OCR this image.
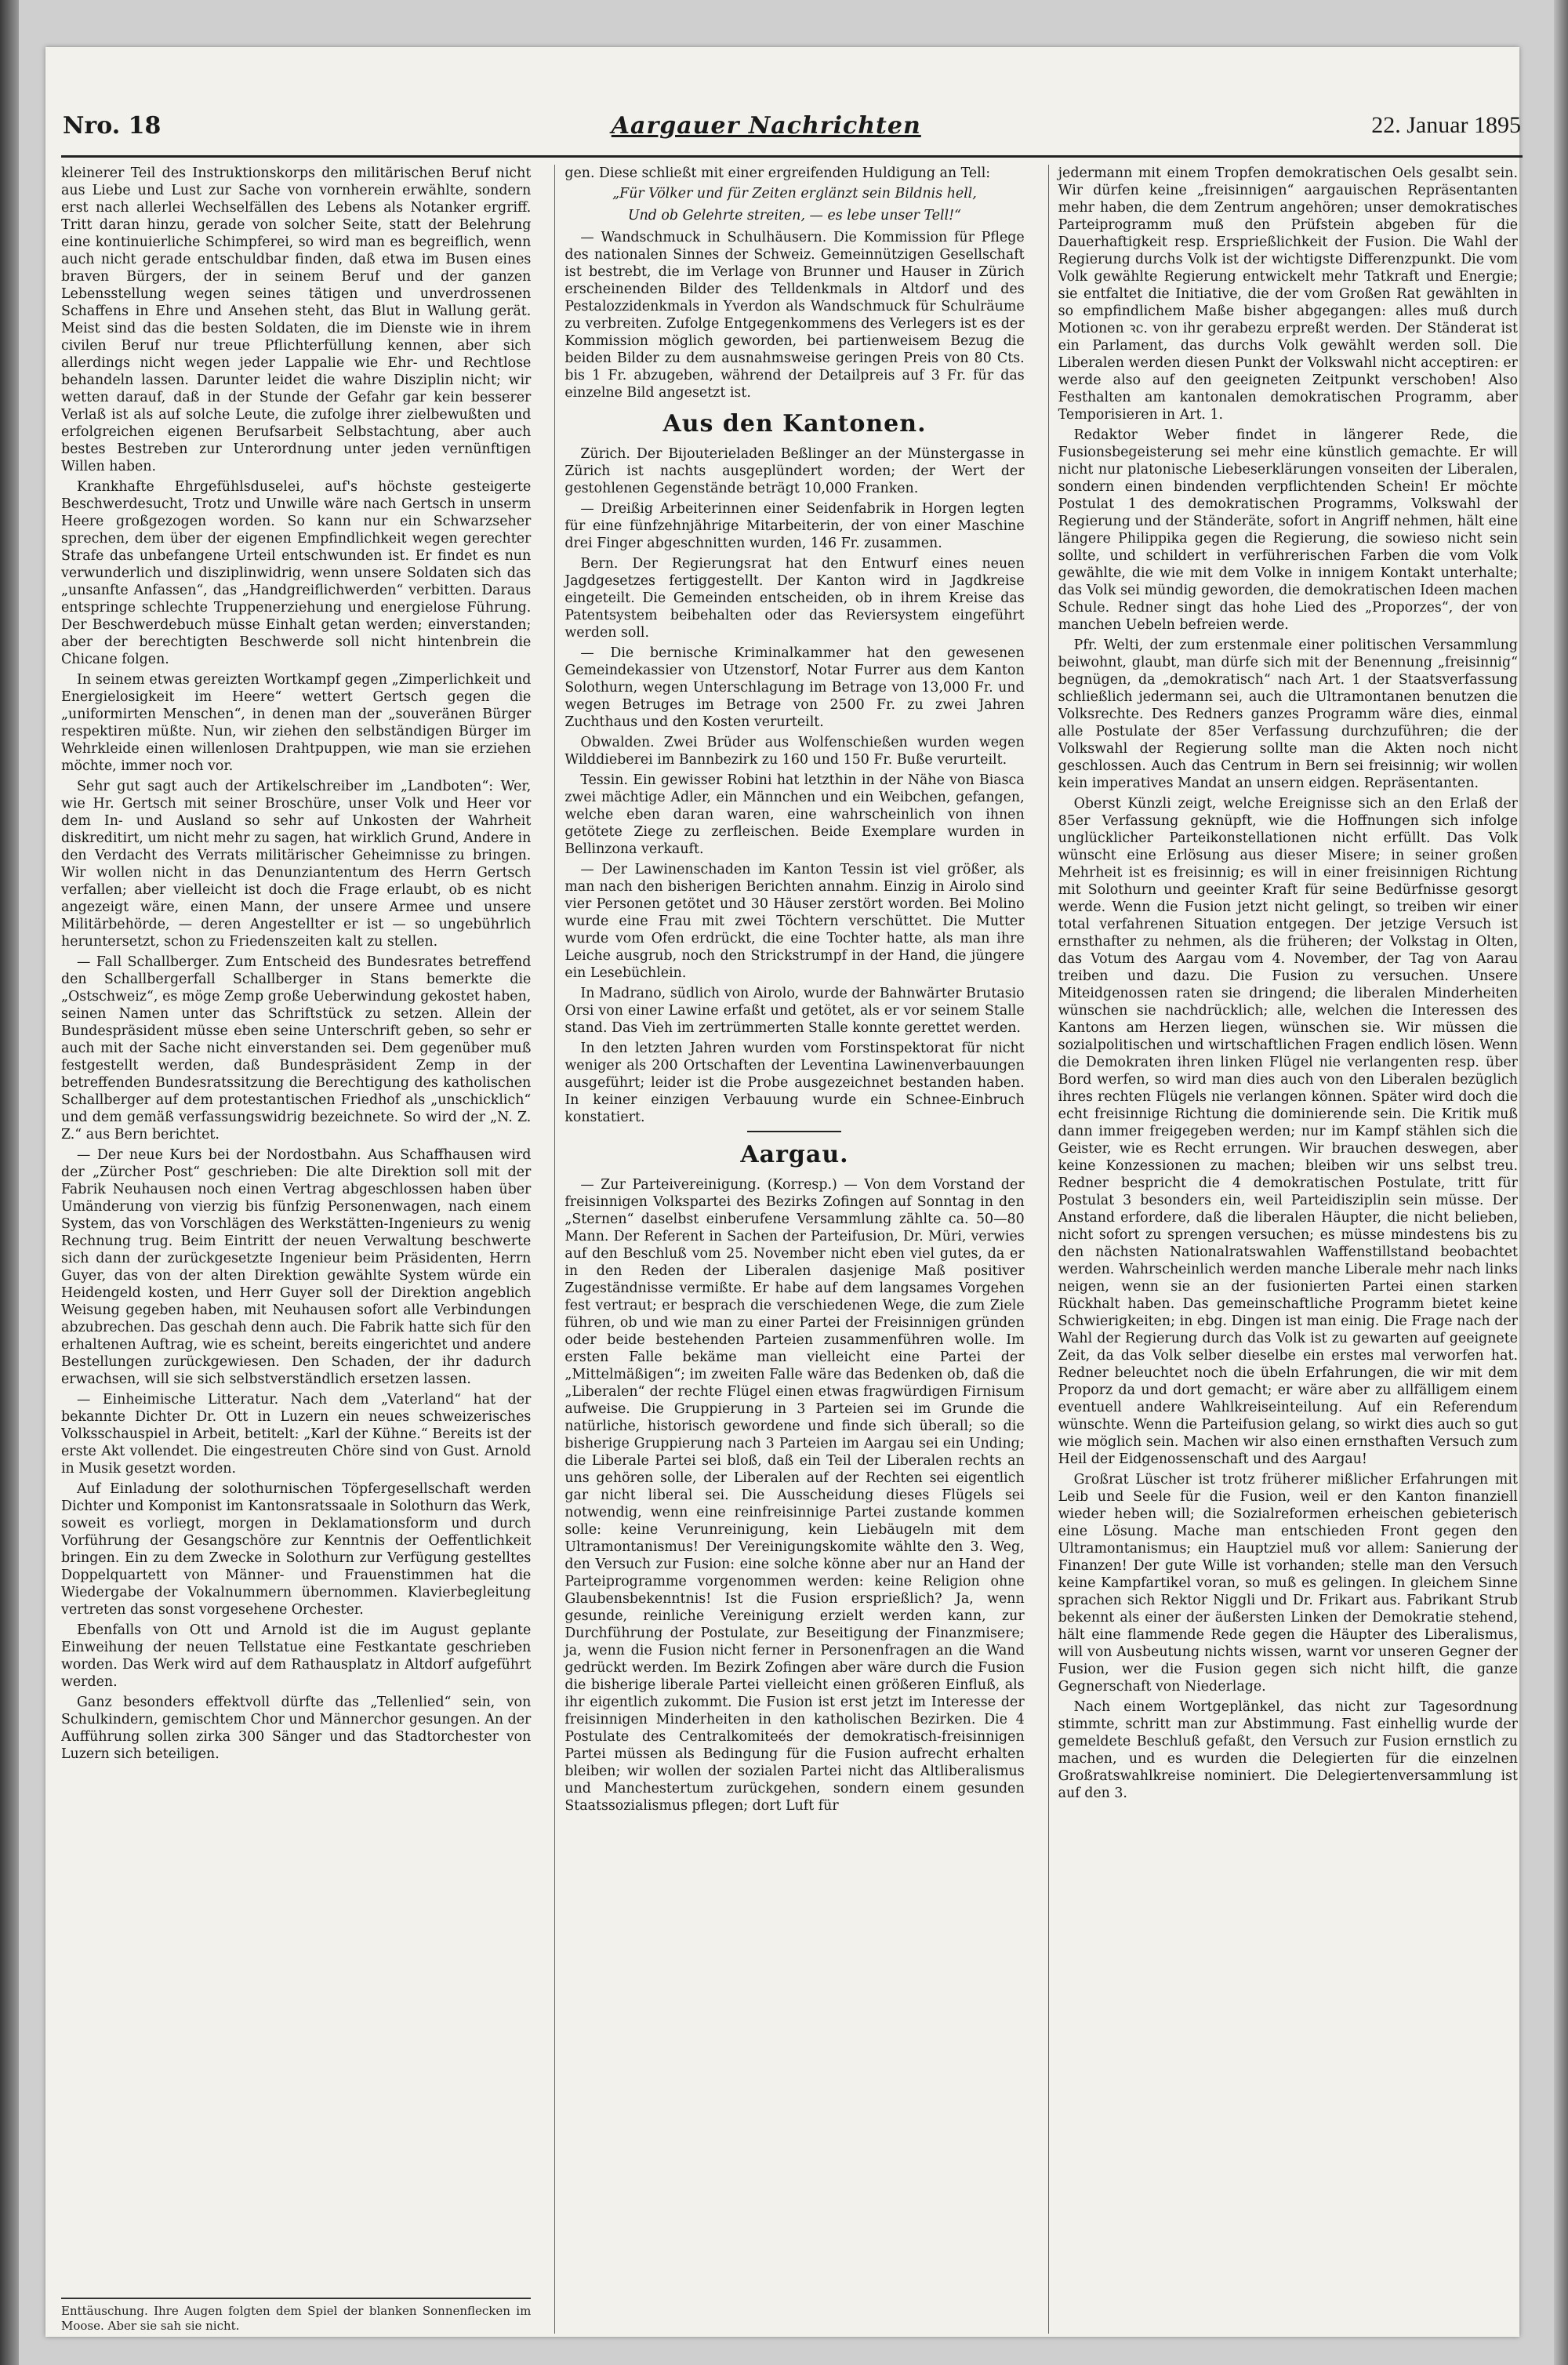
Nro. 18	Aargauer Nachrichten	22. Januar 1895

kleinerer Teil des Instruktionskorps den militärischen Beruf nicht aus Liebe und Lust zur Sache von vornherein erwählte, sondern erst nach allerlei Wechselfällen des Lebens als Notanker ergriff. Tritt daran hinzu, gerade von solcher Seite, statt der Belehrung eine kontinuierliche Schimpferei, so wird man es begreiflich, wenn auch nicht gerade entschuldbar finden, daß etwa im Busen eines braven Bürgers, der in seinem Beruf und der ganzen Lebensstellung wegen seines tätigen und unverdrossenen Schaffens in Ehre und Ansehen steht, das Blut in Wallung gerät. Meist sind das die besten Soldaten, die im Dienste wie in ihrem civilen Beruf nur treue Pflichterfüllung kennen, aber sich allerdings nicht wegen jeder Lappalie wie Ehr- und Rechtlose behandeln lassen. Darunter leidet die wahre Disziplin nicht; wir wetten darauf, daß in der Stunde der Gefahr gar kein besserer Verlaß ist als auf solche Leute, die zufolge ihrer zielbewußten und erfolgreichen eigenen Berufsarbeit Selbstachtung, aber auch bestes Bestreben zur Unterordnung unter jeden vernünftigen Willen haben.

Krankhafte Ehrgefühlsduselei, auf's höchste gesteigerte Beschwerdesucht, Trotz und Unwille wäre nach Gertsch in unserm Heere großgezogen worden. So kann nur ein Schwarzseher sprechen, dem über der eigenen Empfindlichkeit wegen gerechter Strafe das unbefangene Urteil entschwunden ist. Er findet es nun verwunderlich und disziplinwidrig, wenn unsere Soldaten sich das „unsanfte Anfassen“, das „Handgreiflichwerden“ verbitten. Daraus entspringe schlechte Truppenerziehung und energielose Führung. Der Beschwerdebuch müsse Einhalt getan werden; einverstanden; aber der berechtigten Beschwerde soll nicht hintenbrein die Chicane folgen.

In seinem etwas gereizten Wortkampf gegen „Zimperlichkeit und Energielosigkeit im Heere“ wettert Gertsch gegen die „uniformirten Menschen“, in denen man der „souveränen Bürger respektiren müßte. Nun, wir ziehen den selbständigen Bürger im Wehrkleide einen willenlosen Drahtpuppen, wie man sie erziehen möchte, immer noch vor.

Sehr gut sagt auch der Artikelschreiber im „Landboten“: Wer, wie Hr. Gertsch mit seiner Broschüre, unser Volk und Heer vor dem In- und Ausland so sehr auf Unkosten der Wahrheit diskreditirt, um nicht mehr zu sagen, hat wirklich Grund, Andere in den Verdacht des Verrats militärischer Geheimnisse zu bringen. Wir wollen nicht in das Denunziantentum des Herrn Gertsch verfallen; aber vielleicht ist doch die Frage erlaubt, ob es nicht angezeigt wäre, einen Mann, der unsere Armee und unsere Militärbehörde, — deren Angestellter er ist — so ungebührlich heruntersetzt, schon zu Friedenszeiten kalt zu stellen.

— Fall Schallberger. Zum Entscheid des Bundesrates betreffend den Schallbergerfall Schallberger in Stans bemerkte die „Ostschweiz“, es möge Zemp große Ueberwindung gekostet haben, seinen Namen unter das Schriftstück zu setzen. Allein der Bundespräsident müsse eben seine Unterschrift geben, so sehr er auch mit der Sache nicht einverstanden sei. Dem gegenüber muß festgestellt werden, daß Bundespräsident Zemp in der betreffenden Bundesratssitzung die Berechtigung des katholischen Schallberger auf dem protestantischen Friedhof als „unschicklich“ und dem gemäß verfassungswidrig bezeichnete. So wird der „N. Z. Z.“ aus Bern berichtet.

— Der neue Kurs bei der Nordostbahn. Aus Schaffhausen wird der „Zürcher Post“ geschrieben: Die alte Direktion soll mit der Fabrik Neuhausen noch einen Vertrag abgeschlossen haben über Umänderung von vierzig bis fünfzig Personenwagen, nach einem System, das von Vorschlägen des Werkstätten-Ingenieurs zu wenig Rechnung trug. Beim Eintritt der neuen Verwaltung beschwerte sich dann der zurückgesetzte Ingenieur beim Präsidenten, Herrn Guyer, das von der alten Direktion gewählte System würde ein Heidengeld kosten, und Herr Guyer soll der Direktion angeblich Weisung gegeben haben, mit Neuhausen sofort alle Verbindungen abzubrechen. Das geschah denn auch. Die Fabrik hatte sich für den erhaltenen Auftrag, wie es scheint, bereits eingerichtet und andere Bestellungen zurückgewiesen. Den Schaden, der ihr dadurch erwachsen, will sie sich selbstverständlich ersetzen lassen.

— Einheimische Litteratur. Nach dem „Vaterland“ hat der bekannte Dichter Dr. Ott in Luzern ein neues schweizerisches Volksschauspiel in Arbeit, betitelt: „Karl der Kühne.“ Bereits ist der erste Akt vollendet. Die eingestreuten Chöre sind von Gust. Arnold in Musik gesetzt worden.

Auf Einladung der solothurnischen Töpfergesellschaft werden Dichter und Komponist im Kantonsratssaale in Solothurn das Werk, soweit es vorliegt, morgen in Deklamationsform und durch Vorführung der Gesangschöre zur Kenntnis der Oeffentlichkeit bringen. Ein zu dem Zwecke in Solothurn zur Verfügung gestelltes Doppelquartett von Männer- und Frauenstimmen hat die Wiedergabe der Vokalnummern übernommen. Klavierbegleitung vertreten das sonst vorgesehene Orchester.

Ebenfalls von Ott und Arnold ist die im August geplante Einweihung der neuen Tellstatue eine Festkantate geschrieben worden. Das Werk wird auf dem Rathausplatz in Altdorf aufgeführt werden.

Ganz besonders effektvoll dürfte das „Tellenlied“ sein, von Schulkindern, gemischtem Chor und Männerchor gesungen. An der Aufführung sollen zirka 300 Sänger und das Stadtorchester von Luzern sich beteiligen.

Enttäuschung. Ihre Augen folgten dem Spiel der blanken Sonnenflecken im Moose. Aber sie sah sie nicht.

gen. Diese schließt mit einer ergreifenden Huldigung an Tell:

„Für Völker und für Zeiten erglänzt sein Bildnis hell,

Und ob Gelehrte streiten, — es lebe unser Tell!“

— Wandschmuck in Schulhäusern. Die Kommission für Pflege des nationalen Sinnes der Schweiz. Gemeinnützigen Gesellschaft ist bestrebt, die im Verlage von Brunner und Hauser in Zürich erscheinenden Bilder des Telldenkmals in Altdorf und des Pestalozzidenkmals in Yverdon als Wandschmuck für Schulräume zu verbreiten. Zufolge Entgegenkommens des Verlegers ist es der Kommission möglich geworden, bei partienweisem Bezug die beiden Bilder zu dem ausnahmsweise geringen Preis von 80 Cts. bis 1 Fr. abzugeben, während der Detailpreis auf 3 Fr. für das einzelne Bild angesetzt ist.

Aus den Kantonen.

Zürich. Der Bijouterieladen Beßlinger an der Münstergasse in Zürich ist nachts ausgeplündert worden; der Wert der gestohlenen Gegenstände beträgt 10,000 Franken.

— Dreißig Arbeiterinnen einer Seidenfabrik in Horgen legten für eine fünfzehnjährige Mitarbeiterin, der von einer Maschine drei Finger abgeschnitten wurden, 146 Fr. zusammen.

Bern. Der Regierungsrat hat den Entwurf eines neuen Jagdgesetzes fertiggestellt. Der Kanton wird in Jagdkreise eingeteilt. Die Gemeinden entscheiden, ob in ihrem Kreise das Patentsystem beibehalten oder das Reviersystem eingeführt werden soll.

— Die bernische Kriminalkammer hat den gewesenen Gemeindekassier von Utzenstorf, Notar Furrer aus dem Kanton Solothurn, wegen Unterschlagung im Betrage von 13,000 Fr. und wegen Betruges im Betrage von 2500 Fr. zu zwei Jahren Zuchthaus und den Kosten verurteilt.

Obwalden. Zwei Brüder aus Wolfenschießen wurden wegen Wilddieberei im Bannbezirk zu 160 und 150 Fr. Buße verurteilt.

Tessin. Ein gewisser Robini hat letzthin in der Nähe von Biasca zwei mächtige Adler, ein Männchen und ein Weibchen, gefangen, welche eben daran waren, eine wahrscheinlich von ihnen getötete Ziege zu zerfleischen. Beide Exemplare wurden in Bellinzona verkauft.

— Der Lawinenschaden im Kanton Tessin ist viel größer, als man nach den bisherigen Berichten annahm. Einzig in Airolo sind vier Personen getötet und 30 Häuser zerstört worden. Bei Molino wurde eine Frau mit zwei Töchtern verschüttet. Die Mutter wurde vom Ofen erdrückt, die eine Tochter hatte, als man ihre Leiche ausgrub, noch den Strickstrumpf in der Hand, die jüngere ein Lesebüchlein.

In Madrano, südlich von Airolo, wurde der Bahnwärter Brutasio Orsi von einer Lawine erfaßt und getötet, als er vor seinem Stalle stand. Das Vieh im zertrümmerten Stalle konnte gerettet werden.

In den letzten Jahren wurden vom Forstinspektorat für nicht weniger als 200 Ortschaften der Leventina Lawinenverbauungen ausgeführt; leider ist die Probe ausgezeichnet bestanden haben. In keiner einzigen Verbauung wurde ein Schnee-Einbruch konstatiert.

Aargau.

— Zur Parteivereinigung. (Korresp.) — Von dem Vorstand der freisinnigen Volkspartei des Bezirks Zofingen auf Sonntag in den „Sternen“ daselbst einberufene Versammlung zählte ca. 50—80 Mann. Der Referent in Sachen der Parteifusion, Dr. Müri, verwies auf den Beschluß vom 25. November nicht eben viel gutes, da er in den Reden der Liberalen dasjenige Maß positiver Zugeständnisse vermißte. Er habe auf dem langsames Vorgehen fest vertraut; er besprach die verschiedenen Wege, die zum Ziele führen, ob und wie man zu einer Partei der Freisinnigen gründen oder beide bestehenden Parteien zusammenführen wolle. Im ersten Falle bekäme man vielleicht eine Partei der „Mittelmäßigen“; im zweiten Falle wäre das Bedenken ob, daß die „Liberalen“ der rechte Flügel einen etwas fragwürdigen Firnisum aufweise. Die Gruppierung in 3 Parteien sei im Grunde die natürliche, historisch gewordene und finde sich überall; so die bisherige Gruppierung nach 3 Parteien im Aargau sei ein Unding; die Liberale Partei sei bloß, daß ein Teil der Liberalen rechts an uns gehören solle, der Liberalen auf der Rechten sei eigentlich gar nicht liberal sei. Die Ausscheidung dieses Flügels sei notwendig, wenn eine reinfreisinnige Partei zustande kommen solle: keine Verunreinigung, kein Liebäugeln mit dem Ultramontanismus! Der Vereinigungskomite wählte den 3. Weg, den Versuch zur Fusion: eine solche könne aber nur an Hand der Parteiprogramme vorgenommen werden: keine Religion ohne Glaubensbekenntnis! Ist die Fusion ersprießlich? Ja, wenn gesunde, reinliche Vereinigung erzielt werden kann, zur Durchführung der Postulate, zur Beseitigung der Finanzmisere; ja, wenn die Fusion nicht ferner in Personenfragen an die Wand gedrückt werden. Im Bezirk Zofingen aber wäre durch die Fusion die bisherige liberale Partei vielleicht einen größeren Einfluß, als ihr eigentlich zukommt. Die Fusion ist erst jetzt im Interesse der freisinnigen Minderheiten in den katholischen Bezirken. Die 4 Postulate des Centralkomiteés der demokratisch-freisinnigen Partei müssen als Bedingung für die Fusion aufrecht erhalten bleiben; wir wollen der sozialen Partei nicht das Altliberalismus und Manchestertum zurückgehen, sondern einem gesunden Staatssozialismus pflegen; dort Luft für

jedermann mit einem Tropfen demokratischen Oels gesalbt sein. Wir dürfen keine „freisinnigen“ aargauischen Repräsentanten mehr haben, die dem Zentrum angehören; unser demokratisches Parteiprogramm muß den Prüfstein abgeben für die Dauerhaftigkeit resp. Ersprießlichkeit der Fusion. Die Wahl der Regierung durchs Volk ist der wichtigste Differenzpunkt. Die vom Volk gewählte Regierung entwickelt mehr Tatkraft und Energie; sie entfaltet die Initiative, die der vom Großen Rat gewählten in so empfindlichem Maße bisher abgegangen: alles muß durch Motionen ꝛc. von ihr gerabezu erpreßt werden. Der Ständerat ist ein Parlament, das durchs Volk gewählt werden soll. Die Liberalen werden diesen Punkt der Volkswahl nicht acceptiren: er werde also auf den geeigneten Zeitpunkt verschoben! Also Festhalten am kantonalen demokratischen Programm, aber Temporisieren in Art. 1.

Redaktor Weber findet in längerer Rede, die Fusionsbegeisterung sei mehr eine künstlich gemachte. Er will nicht nur platonische Liebeserklärungen vonseiten der Liberalen, sondern einen bindenden verpflichtenden Schein! Er möchte Postulat 1 des demokratischen Programms, Volkswahl der Regierung und der Ständeräte, sofort in Angriff nehmen, hält eine längere Philippika gegen die Regierung, die sowieso nicht sein sollte, und schildert in verführerischen Farben die vom Volk gewählte, die wie mit dem Volke in innigem Kontakt unterhalte; das Volk sei mündig geworden, die demokratischen Ideen machen Schule. Redner singt das hohe Lied des „Proporzes“, der von manchen Uebeln befreien werde.

Pfr. Welti, der zum erstenmale einer politischen Versammlung beiwohnt, glaubt, man dürfe sich mit der Benennung „freisinnig“ begnügen, da „demokratisch“ nach Art. 1 der Staatsverfassung schließlich jedermann sei, auch die Ultramontanen benutzen die Volksrechte. Des Redners ganzes Programm wäre dies, einmal alle Postulate der 85er Verfassung durchzuführen; die der Volkswahl der Regierung sollte man die Akten noch nicht geschlossen. Auch das Centrum in Bern sei freisinnig; wir wollen kein imperatives Mandat an unsern eidgen. Repräsentanten.

Oberst Künzli zeigt, welche Ereignisse sich an den Erlaß der 85er Verfassung geknüpft, wie die Hoffnungen sich infolge unglücklicher Parteikonstellationen nicht erfüllt. Das Volk wünscht eine Erlösung aus dieser Misere; in seiner großen Mehrheit ist es freisinnig; es will in einer freisinnigen Richtung mit Solothurn und geeinter Kraft für seine Bedürfnisse gesorgt werde. Wenn die Fusion jetzt nicht gelingt, so treiben wir einer total verfahrenen Situation entgegen. Der jetzige Versuch ist ernsthafter zu nehmen, als die früheren; der Volkstag in Olten, das Votum des Aargau vom 4. November, der Tag von Aarau treiben und dazu. Die Fusion zu versuchen. Unsere Miteidgenossen raten sie dringend; die liberalen Minderheiten wünschen sie nachdrücklich; alle, welchen die Interessen des Kantons am Herzen liegen, wünschen sie. Wir müssen die sozialpolitischen und wirtschaftlichen Fragen endlich lösen. Wenn die Demokraten ihren linken Flügel nie verlangenten resp. über Bord werfen, so wird man dies auch von den Liberalen bezüglich ihres rechten Flügels nie verlangen können. Später wird doch die echt freisinnige Richtung die dominierende sein. Die Kritik muß dann immer freigegeben werden; nur im Kampf stählen sich die Geister, wie es Recht errungen. Wir brauchen deswegen, aber keine Konzessionen zu machen; bleiben wir uns selbst treu. Redner bespricht die 4 demokratischen Postulate, tritt für Postulat 3 besonders ein, weil Parteidisziplin sein müsse. Der Anstand erfordere, daß die liberalen Häupter, die nicht belieben, nicht sofort zu sprengen versuchen; es müsse mindestens bis zu den nächsten Nationalratswahlen Waffenstillstand beobachtet werden. Wahrscheinlich werden manche Liberale mehr nach links neigen, wenn sie an der fusionierten Partei einen starken Rückhalt haben. Das gemeinschaftliche Programm bietet keine Schwierigkeiten; in ebg. Dingen ist man einig. Die Frage nach der Wahl der Regierung durch das Volk ist zu gewarten auf geeignete Zeit, da das Volk selber dieselbe ein erstes mal verworfen hat. Redner beleuchtet noch die übeln Erfahrungen, die wir mit dem Proporz da und dort gemacht; er wäre aber zu allfälligem einem eventuell andere Wahlkreiseinteilung. Auf ein Referendum wünschte. Wenn die Parteifusion gelang, so wirkt dies auch so gut wie möglich sein. Machen wir also einen ernsthaften Versuch zum Heil der Eidgenossenschaft und des Aargau!

Großrat Lüscher ist trotz früherer mißlicher Erfahrungen mit Leib und Seele für die Fusion, weil er den Kanton finanziell wieder heben will; die Sozialreformen erheischen gebieterisch eine Lösung. Mache man entschieden Front gegen den Ultramontanismus; ein Hauptziel muß vor allem: Sanierung der Finanzen! Der gute Wille ist vorhanden; stelle man den Versuch keine Kampfartikel voran, so muß es gelingen. In gleichem Sinne sprachen sich Rektor Niggli und Dr. Frikart aus. Fabrikant Strub bekennt als einer der äußersten Linken der Demokratie stehend, hält eine flammende Rede gegen die Häupter des Liberalismus, will von Ausbeutung nichts wissen, warnt vor unseren Gegner der Fusion, wer die Fusion gegen sich nicht hilft, die ganze Gegnerschaft von Niederlage.

Nach einem Wortgeplänkel, das nicht zur Tagesordnung stimmte, schritt man zur Abstimmung. Fast einhellig wurde der gemeldete Beschluß gefaßt, den Versuch zur Fusion ernstlich zu machen, und es wurden die Delegierten für die einzelnen Großratswahlkreise nominiert. Die Delegiertenversammlung ist auf den 3.
